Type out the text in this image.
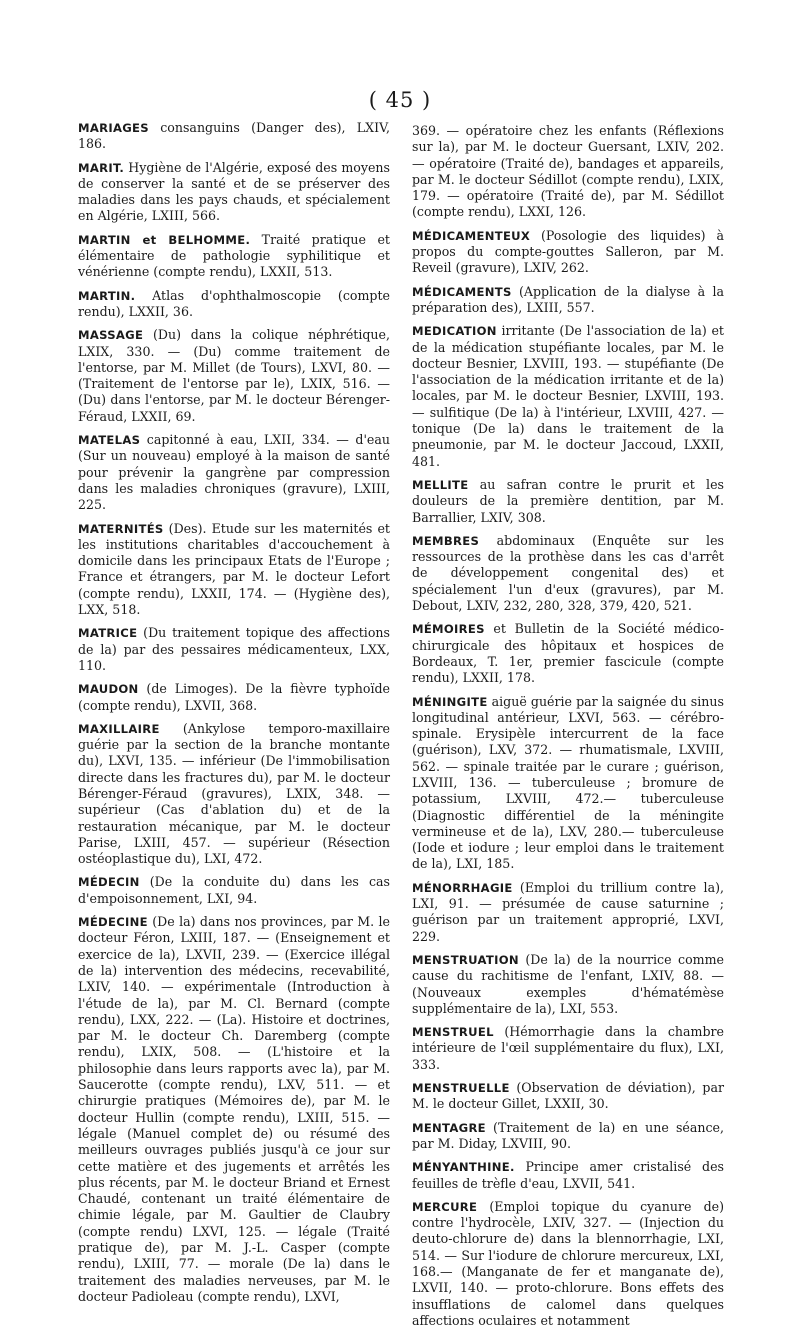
( 45 )

MARIAGES consanguins (Danger des), LXIV, 186.

MARIT. Hygiène de l'Algérie, exposé des moyens de conserver la santé et de se préserver des maladies dans les pays chauds, et spécialement en Algérie, LXIII, 566.

MARTIN et BELHOMME. Traité pratique et élémentaire de pathologie syphilitique et vénérienne (compte rendu), LXXII, 513.

MARTIN. Atlas d'ophthalmoscopie (compte rendu), LXXII, 36.

MASSAGE (Du) dans la colique néphrétique, LXIX, 330. — (Du) comme traitement de l'entorse, par M. Millet (de Tours), LXVI, 80. — (Traitement de l'entorse par le), LXIX, 516. — (Du) dans l'entorse, par M. le docteur Bérenger-Féraud, LXXII, 69.

MATELAS capitonné à eau, LXII, 334. — d'eau (Sur un nouveau) employé à la maison de santé pour prévenir la gangrène par compression dans les maladies chroniques (gravure), LXIII, 225.

MATERNITÉS (Des). Etude sur les maternités et les institutions charitables d'accouchement à domicile dans les principaux Etats de l'Europe ; France et étrangers, par M. le docteur Lefort (compte rendu), LXXII, 174. — (Hygiène des), LXX, 518.

MATRICE (Du traitement topique des affections de la) par des pessaires médicamenteux, LXX, 110.

MAUDON (de Limoges). De la fièvre typhoïde (compte rendu), LXVII, 368.

MAXILLAIRE (Ankylose temporo-maxillaire guérie par la section de la branche montante du), LXVI, 135. — inférieur (De l'immobilisation directe dans les fractures du), par M. le docteur Bérenger-Féraud (gravures), LXIX, 348. — supérieur (Cas d'ablation du) et de la restauration mécanique, par M. le docteur Parise, LXIII, 457. — supérieur (Résection ostéoplastique du), LXI, 472.

MÉDECIN (De la conduite du) dans les cas d'empoisonnement, LXI, 94.

MÉDECINE (De la) dans nos provinces, par M. le docteur Féron, LXIII, 187. — (Enseignement et exercice de la), LXVII, 239. — (Exercice illégal de la) intervention des médecins, recevabilité, LXIV, 140. — expérimentale (Introduction à l'étude de la), par M. Cl. Bernard (compte rendu), LXX, 222. — (La). Histoire et doctrines, par M. le docteur Ch. Daremberg (compte rendu), LXIX, 508. — (L'histoire et la philosophie dans leurs rapports avec la), par M. Saucerotte (compte rendu), LXV, 511. — et chirurgie pratiques (Mémoires de), par M. le docteur Hullin (compte rendu), LXIII, 515. — légale (Manuel complet de) ou résumé des meilleurs ouvrages publiés jusqu'à ce jour sur cette matière et des jugements et arrêtés les plus récents, par M. le docteur Briand et Ernest Chaudé, contenant un traité élémentaire de chimie légale, par M. Gaultier de Claubry (compte rendu) LXVI, 125. — légale (Traité pratique de), par M. J.-L. Casper (compte rendu), LXIII, 77. — morale (De la) dans le traitement des maladies nerveuses, par M. le docteur Padioleau (compte rendu), LXVI,

369. — opératoire chez les enfants (Réflexions sur la), par M. le docteur Guersant, LXIV, 202. — opératoire (Traité de), bandages et appareils, par M. le docteur Sédillot (compte rendu), LXIX, 179. — opératoire (Traité de), par M. Sédillot (compte rendu), LXXI, 126.

MÉDICAMENTEUX (Posologie des liquides) à propos du compte-gouttes Salleron, par M. Reveil (gravure), LXIV, 262.

MÉDICAMENTS (Application de la dialyse à la préparation des), LXIII, 557.

MEDICATION irritante (De l'association de la) et de la médication stupéfiante locales, par M. le docteur Besnier, LXVIII, 193. — stupéfiante (De l'association de la médication irritante et de la) locales, par M. le docteur Besnier, LXVIII, 193. — sulfitique (De la) à l'intérieur, LXVIII, 427. — tonique (De la) dans le traitement de la pneumonie, par M. le docteur Jaccoud, LXXII, 481.

MELLITE au safran contre le prurit et les douleurs de la première dentition, par M. Barrallier, LXIV, 308.

MEMBRES abdominaux (Enquête sur les ressources de la prothèse dans les cas d'arrêt de développement congenital des) et spécialement l'un d'eux (gravures), par M. Debout, LXIV, 232, 280, 328, 379, 420, 521.

MÉMOIRES et Bulletin de la Société médico-chirurgicale des hôpitaux et hospices de Bordeaux, T. 1er, premier fascicule (compte rendu), LXXII, 178.

MÉNINGITE aiguë guérie par la saignée du sinus longitudinal antérieur, LXVI, 563. — cérébro-spinale. Erysipèle intercurrent de la face (guérison), LXV, 372. — rhumatismale, LXVIII, 562. — spinale traitée par le curare ; guérison, LXVIII, 136. — tuberculeuse ; bromure de potassium, LXVIII, 472.— tuberculeuse (Diagnostic différentiel de la méningite vermineuse et de la), LXV, 280.— tuberculeuse (Iode et iodure ; leur emploi dans le traitement de la), LXI, 185.

MÉNORRHAGIE (Emploi du trillium contre la), LXI, 91. — présumée de cause saturnine ; guérison par un traitement approprié, LXVI, 229.

MENSTRUATION (De la) de la nourrice comme cause du rachitisme de l'enfant, LXIV, 88. — (Nouveaux exemples d'hématémèse supplémentaire de la), LXI, 553.

MENSTRUEL (Hémorrhagie dans la chambre intérieure de l'œil supplémentaire du flux), LXI, 333.

MENSTRUELLE (Observation de déviation), par M. le docteur Gillet, LXXII, 30.

MENTAGRE (Traitement de la) en une séance, par M. Diday, LXVIII, 90.

MÉNYANTHINE. Principe amer cristalisé des feuilles de trèfle d'eau, LXVII, 541.

MERCURE (Emploi topique du cyanure de) contre l'hydrocèle, LXIV, 327. — (Injection du deuto-chlorure de) dans la blennorrhagie, LXI, 514. — Sur l'iodure de chlorure mercureux, LXI, 168.— (Manganate de fer et manganate de), LXVII, 140. — proto-chlorure. Bons effets des insufflations de calomel dans quelques affections oculaires et notamment
